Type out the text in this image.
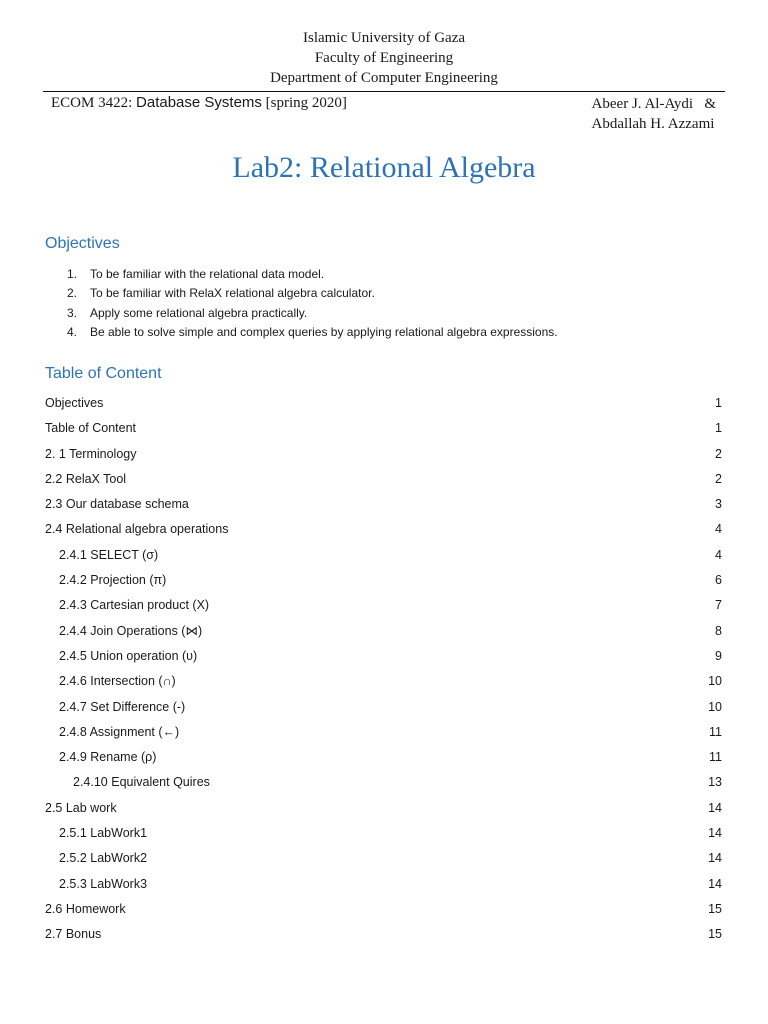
Islamic University of Gaza
Faculty of Engineering
Department of Computer Engineering
ECOM 3422: Database Systems [spring 2020]	Abeer J. Al-Aydi   &
Abdallah H. Azzami
Lab2: Relational Algebra
Objectives
1.	To be familiar with the relational data model.
2.	To be familiar with RelaX relational algebra calculator.
3.	Apply some relational algebra practically.
4.	Be able to solve simple and complex queries by applying relational algebra expressions.
Table of Content
Objectives	1
Table of Content	1
2. 1 Terminology	2
2.2 RelaX Tool	2
2.3 Our database schema	3
2.4 Relational algebra operations	4
2.4.1 SELECT (σ)	4
2.4.2 Projection (π)	6
2.4.3 Cartesian product (X)	7
2.4.4 Join Operations (⋈)	8
2.4.5 Union operation (υ)	9
2.4.6 Intersection (∩)	10
2.4.7 Set Difference (-)	10
2.4.8 Assignment (←)	11
2.4.9 Rename (ρ)	11
2.4.10 Equivalent Quires	13
2.5 Lab work	14
2.5.1 LabWork1	14
2.5.2 LabWork2	14
2.5.3 LabWork3	14
2.6 Homework	15
2.7 Bonus	15
